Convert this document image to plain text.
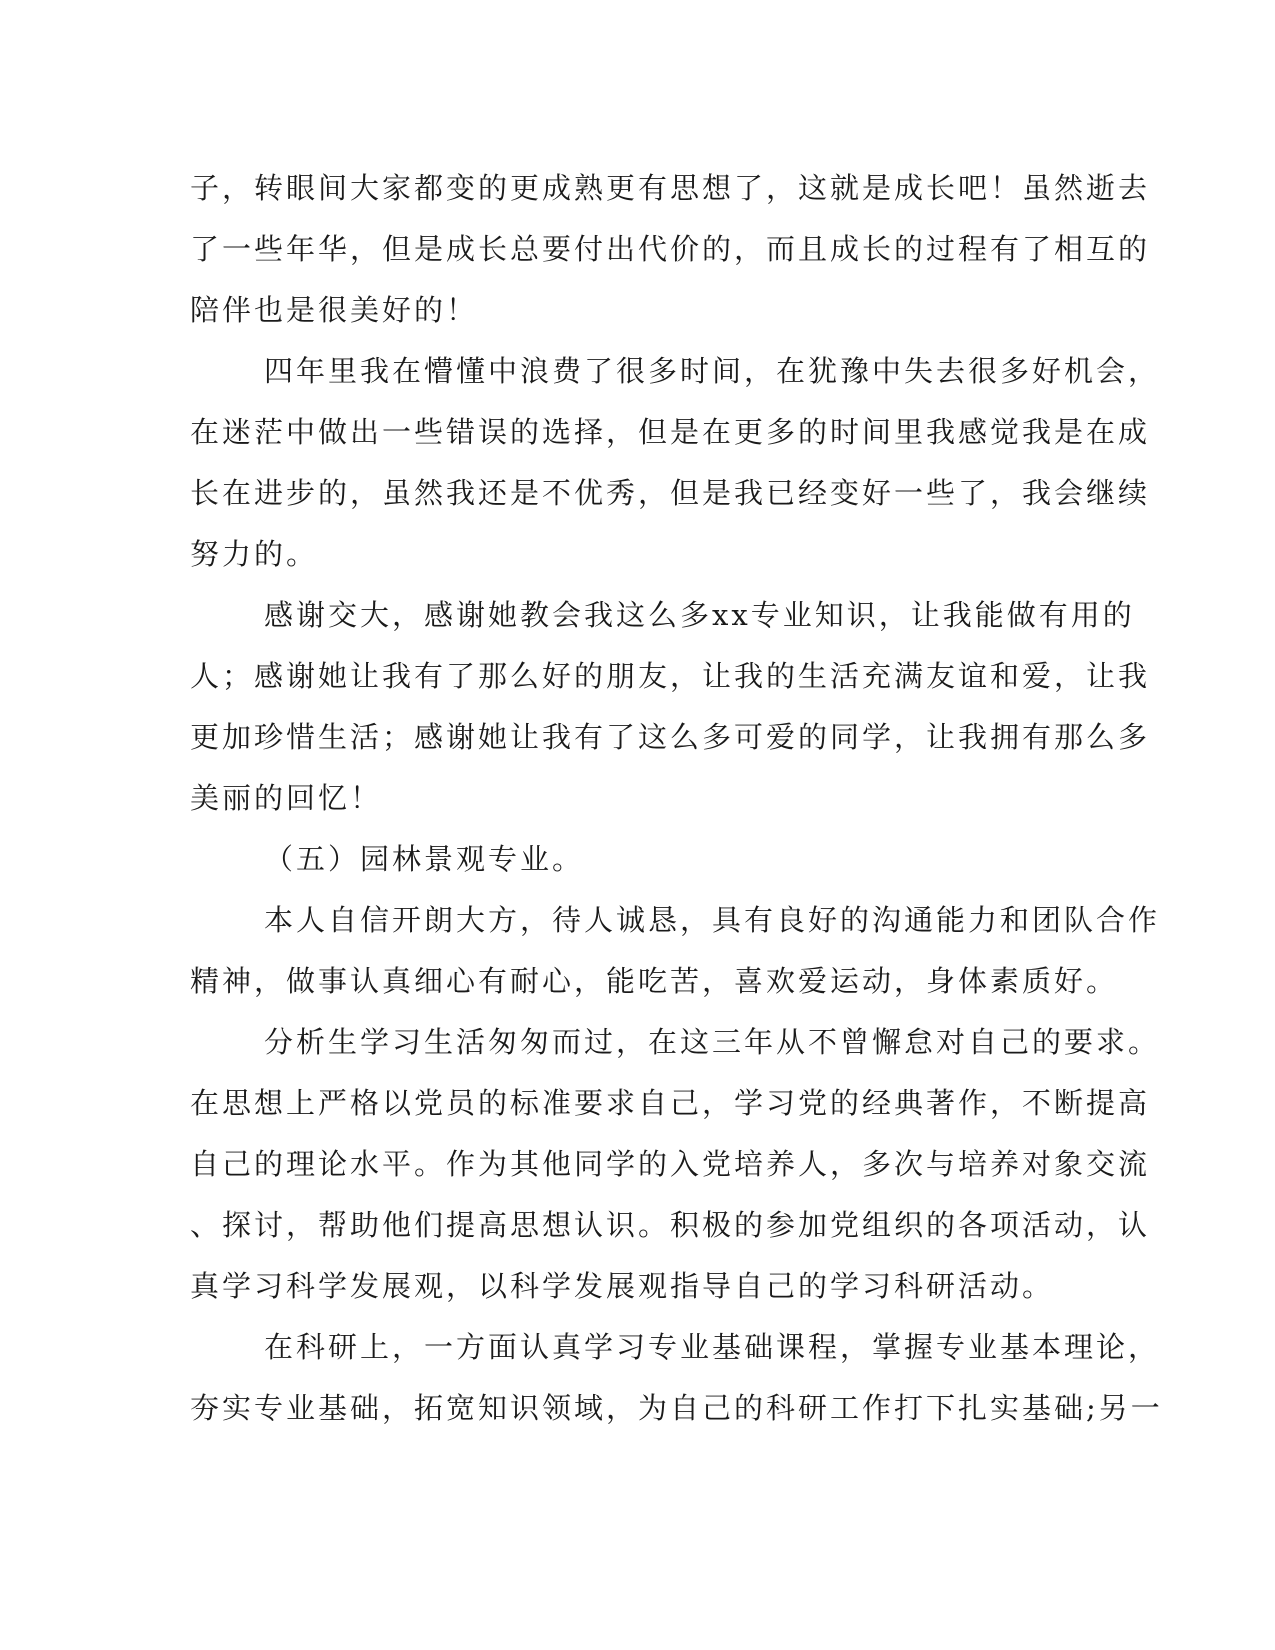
子，转眼间大家都变的更成熟更有思想了，这就是成长吧！虽然逝去
了一些年华，但是成长总要付出代价的，而且成长的过程有了相互的
陪伴也是很美好的！
四年里我在懵懂中浪费了很多时间，在犹豫中失去很多好机会，
在迷茫中做出一些错误的选择，但是在更多的时间里我感觉我是在成
长在进步的，虽然我还是不优秀，但是我已经变好一些了，我会继续
努力的。
感谢交大，感谢她教会我这么多xx专业知识，让我能做有用的
人；感谢她让我有了那么好的朋友，让我的生活充满友谊和爱，让我
更加珍惜生活；感谢她让我有了这么多可爱的同学，让我拥有那么多
美丽的回忆！
（五）园林景观专业。
本人自信开朗大方，待人诚恳，具有良好的沟通能力和团队合作
精神，做事认真细心有耐心，能吃苦，喜欢爱运动，身体素质好。
分析生学习生活匆匆而过，在这三年从不曾懈怠对自己的要求。
在思想上严格以党员的标准要求自己，学习党的经典著作，不断提高
自己的理论水平。作为其他同学的入党培养人，多次与培养对象交流
、探讨，帮助他们提高思想认识。积极的参加党组织的各项活动，认
真学习科学发展观，以科学发展观指导自己的学习科研活动。
在科研上，一方面认真学习专业基础课程，掌握专业基本理论，
夯实专业基础，拓宽知识领域，为自己的科研工作打下扎实基础;另一
